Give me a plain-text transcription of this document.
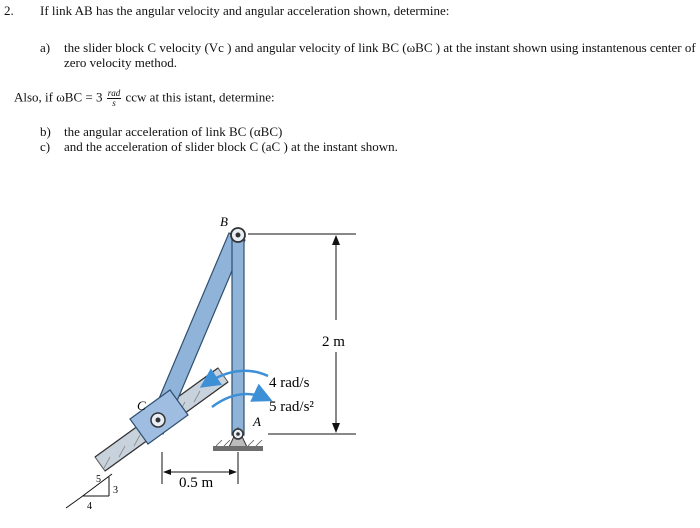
2. If link AB has the angular velocity and angular acceleration shown, determine:
a) the slider block C velocity (Vc ) and angular velocity of link BC (ωBC ) at the instant shown using instantenous center of
zero velocity method.
Also, if $\omega BC = 3 \frac{\text{rad}}{s}$ ccw at this istant, determine:
b) the angular acceleration of link BC (αBC)
c) and the acceleration of slider block C (aC ) at the instant shown.
5
3
4
B
C
A
2 m
4 rad/s
5 rad/s²
0.5 m
